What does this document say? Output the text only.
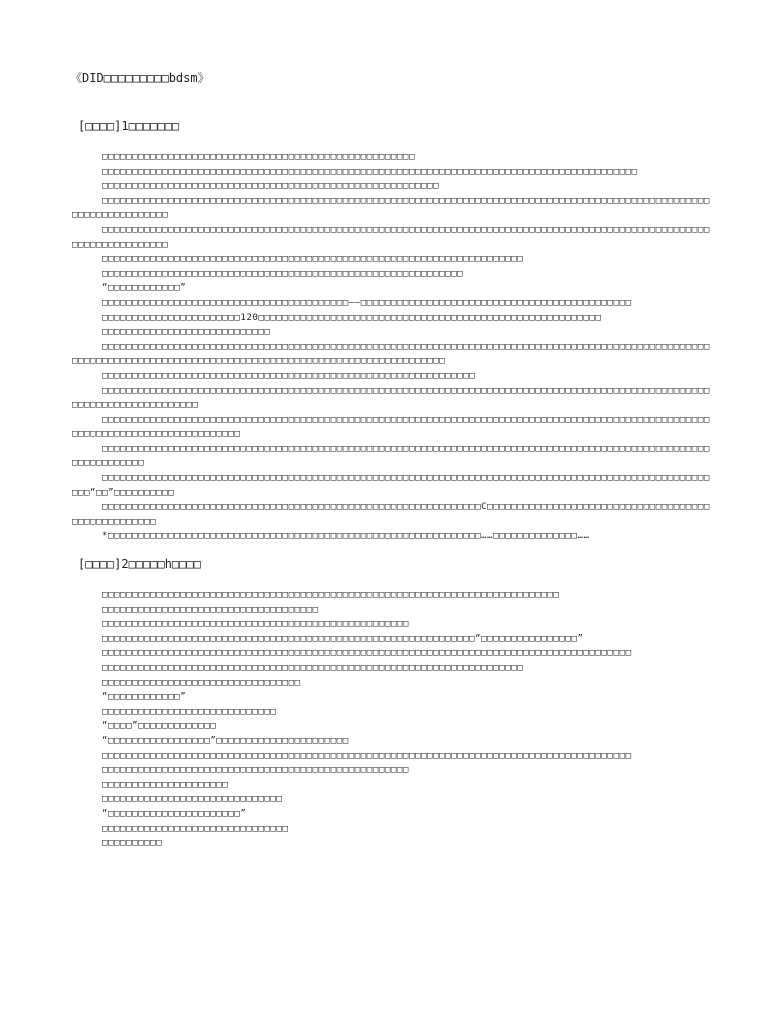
《DID□□□□□□□□□bdsm》
[□□□□]1□□□□□□□

□□□□□□□□□□□□□□□□□□□□□□□□□□□□□□□□□□□□□□□□□□□□□□□□□□□□

□□□□□□□□□□□□□□□□□□□□□□□□□□□□□□□□□□□□□□□□□□□□□□□□□□□□□□□□□□□□□□□□□□□□□□□□□□□□□□□□□□□□□□□□□

□□□□□□□□□□□□□□□□□□□□□□□□□□□□□□□□□□□□□□□□□□□□□□□□□□□□□□□□

□□□□□□□□□□□□□□□□□□□□□□□□□□□□□□□□□□□□□□□□□□□□□□□□□□□□□□□□□□□□□□□□□□□□□□□□□□□□□□□□□□□□□□□□□□□□□□□□□□□□□□□□□□□□□□□□□□□□□

□□□□□□□□□□□□□□□□□□□□□□□□□□□□□□□□□□□□□□□□□□□□□□□□□□□□□□□□□□□□□□□□□□□□□□□□□□□□□□□□□□□□□□□□□□□□□□□□□□□□□□□□□□□□□□□□□□□□□

□□□□□□□□□□□□□□□□□□□□□□□□□□□□□□□□□□□□□□□□□□□□□□□□□□□□□□□□□□□□□□□□□□□□□□

□□□□□□□□□□□□□□□□□□□□□□□□□□□□□□□□□□□□□□□□□□□□□□□□□□□□□□□□□□□□

“□□□□□□□□□□□□”

□□□□□□□□□□□□□□□□□□□□□□□□□□□□□□□□□□□□□□□□□——□□□□□□□□□□□□□□□□□□□□□□□□□□□□□□□□□□□□□□□□□□□□□

□□□□□□□□□□□□□□□□□□□□□□□120□□□□□□□□□□□□□□□□□□□□□□□□□□□□□□□□□□□□□□□□□□□□□□□□□□□□□□□□□

□□□□□□□□□□□□□□□□□□□□□□□□□□□□

□□□□□□□□□□□□□□□□□□□□□□□□□□□□□□□□□□□□□□□□□□□□□□□□□□□□□□□□□□□□□□□□□□□□□□□□□□□□□□□□□□□□□□□□□□□□□□□□□□□□□□□□□□□□□□□□□□□□□□□□□□□□□□□□□□□□□□□□□□□□□□□□□□□□□□□□□□□□□□□□□□□

□□□□□□□□□□□□□□□□□□□□□□□□□□□□□□□□□□□□□□□□□□□□□□□□□□□□□□□□□□□□□□

□□□□□□□□□□□□□□□□□□□□□□□□□□□□□□□□□□□□□□□□□□□□□□□□□□□□□□□□□□□□□□□□□□□□□□□□□□□□□□□□□□□□□□□□□□□□□□□□□□□□□□□□□□□□□□□□□□□□□□□□□□

□□□□□□□□□□□□□□□□□□□□□□□□□□□□□□□□□□□□□□□□□□□□□□□□□□□□□□□□□□□□□□□□□□□□□□□□□□□□□□□□□□□□□□□□□□□□□□□□□□□□□□□□□□□□□□□□□□□□□□□□□□□□□□□□□

□□□□□□□□□□□□□□□□□□□□□□□□□□□□□□□□□□□□□□□□□□□□□□□□□□□□□□□□□□□□□□□□□□□□□□□□□□□□□□□□□□□□□□□□□□□□□□□□□□□□□□□□□□□□□□□□□

□□□□□□□□□□□□□□□□□□□□□□□□□□□□□□□□□□□□□□□□□□□□□□□□□□□□□□□□□□□□□□□□□□□□□□□□□□□□□□□□□□□□□□□□□□□□□□□□□□□□□□□□“□□”□□□□□□□□□□

□□□□□□□□□□□□□□□□□□□□□□□□□□□□□□□□□□□□□□□□□□□□□□□□□□□□□□□□□□□□□□□C□□□□□□□□□□□□□□□□□□□□□□□□□□□□□□□□□□□□□□□□□□□□□□□□□□□

*□□□□□□□□□□□□□□□□□□□□□□□□□□□□□□□□□□□□□□□□□□□□□□□□□□□□□□□□□□□□□□……□□□□□□□□□□□□□□……

[□□□□]2□□□□□h□□□□

□□□□□□□□□□□□□□□□□□□□□□□□□□□□□□□□□□□□□□□□□□□□□□□□□□□□□□□□□□□□□□□□□□□□□□□□□□□□

□□□□□□□□□□□□□□□□□□□□□□□□□□□□□□□□□□□□

□□□□□□□□□□□□□□□□□□□□□□□□□□□□□□□□□□□□□□□□□□□□□□□□□□□

□□□□□□□□□□□□□□□□□□□□□□□□□□□□□□□□□□□□□□□□□□□□□□□□□□□□□□□□□□□□□□“□□□□□□□□□□□□□□□□”

□□□□□□□□□□□□□□□□□□□□□□□□□□□□□□□□□□□□□□□□□□□□□□□□□□□□□□□□□□□□□□□□□□□□□□□□□□□□□□□□□□□□□□□□

□□□□□□□□□□□□□□□□□□□□□□□□□□□□□□□□□□□□□□□□□□□□□□□□□□□□□□□□□□□□□□□□□□□□□□

□□□□□□□□□□□□□□□□□□□□□□□□□□□□□□□□□

“□□□□□□□□□□□□”

□□□□□□□□□□□□□□□□□□□□□□□□□□□□□

“□□□□”□□□□□□□□□□□□□

“□□□□□□□□□□□□□□□□□”□□□□□□□□□□□□□□□□□□□□□□

□□□□□□□□□□□□□□□□□□□□□□□□□□□□□□□□□□□□□□□□□□□□□□□□□□□□□□□□□□□□□□□□□□□□□□□□□□□□□□□□□□□□□□□□

□□□□□□□□□□□□□□□□□□□□□□□□□□□□□□□□□□□□□□□□□□□□□□□□□□□

□□□□□□□□□□□□□□□□□□□□□

□□□□□□□□□□□□□□□□□□□□□□□□□□□□□□

“□□□□□□□□□□□□□□□□□□□□□□”

□□□□□□□□□□□□□□□□□□□□□□□□□□□□□□□

□□□□□□□□□□
